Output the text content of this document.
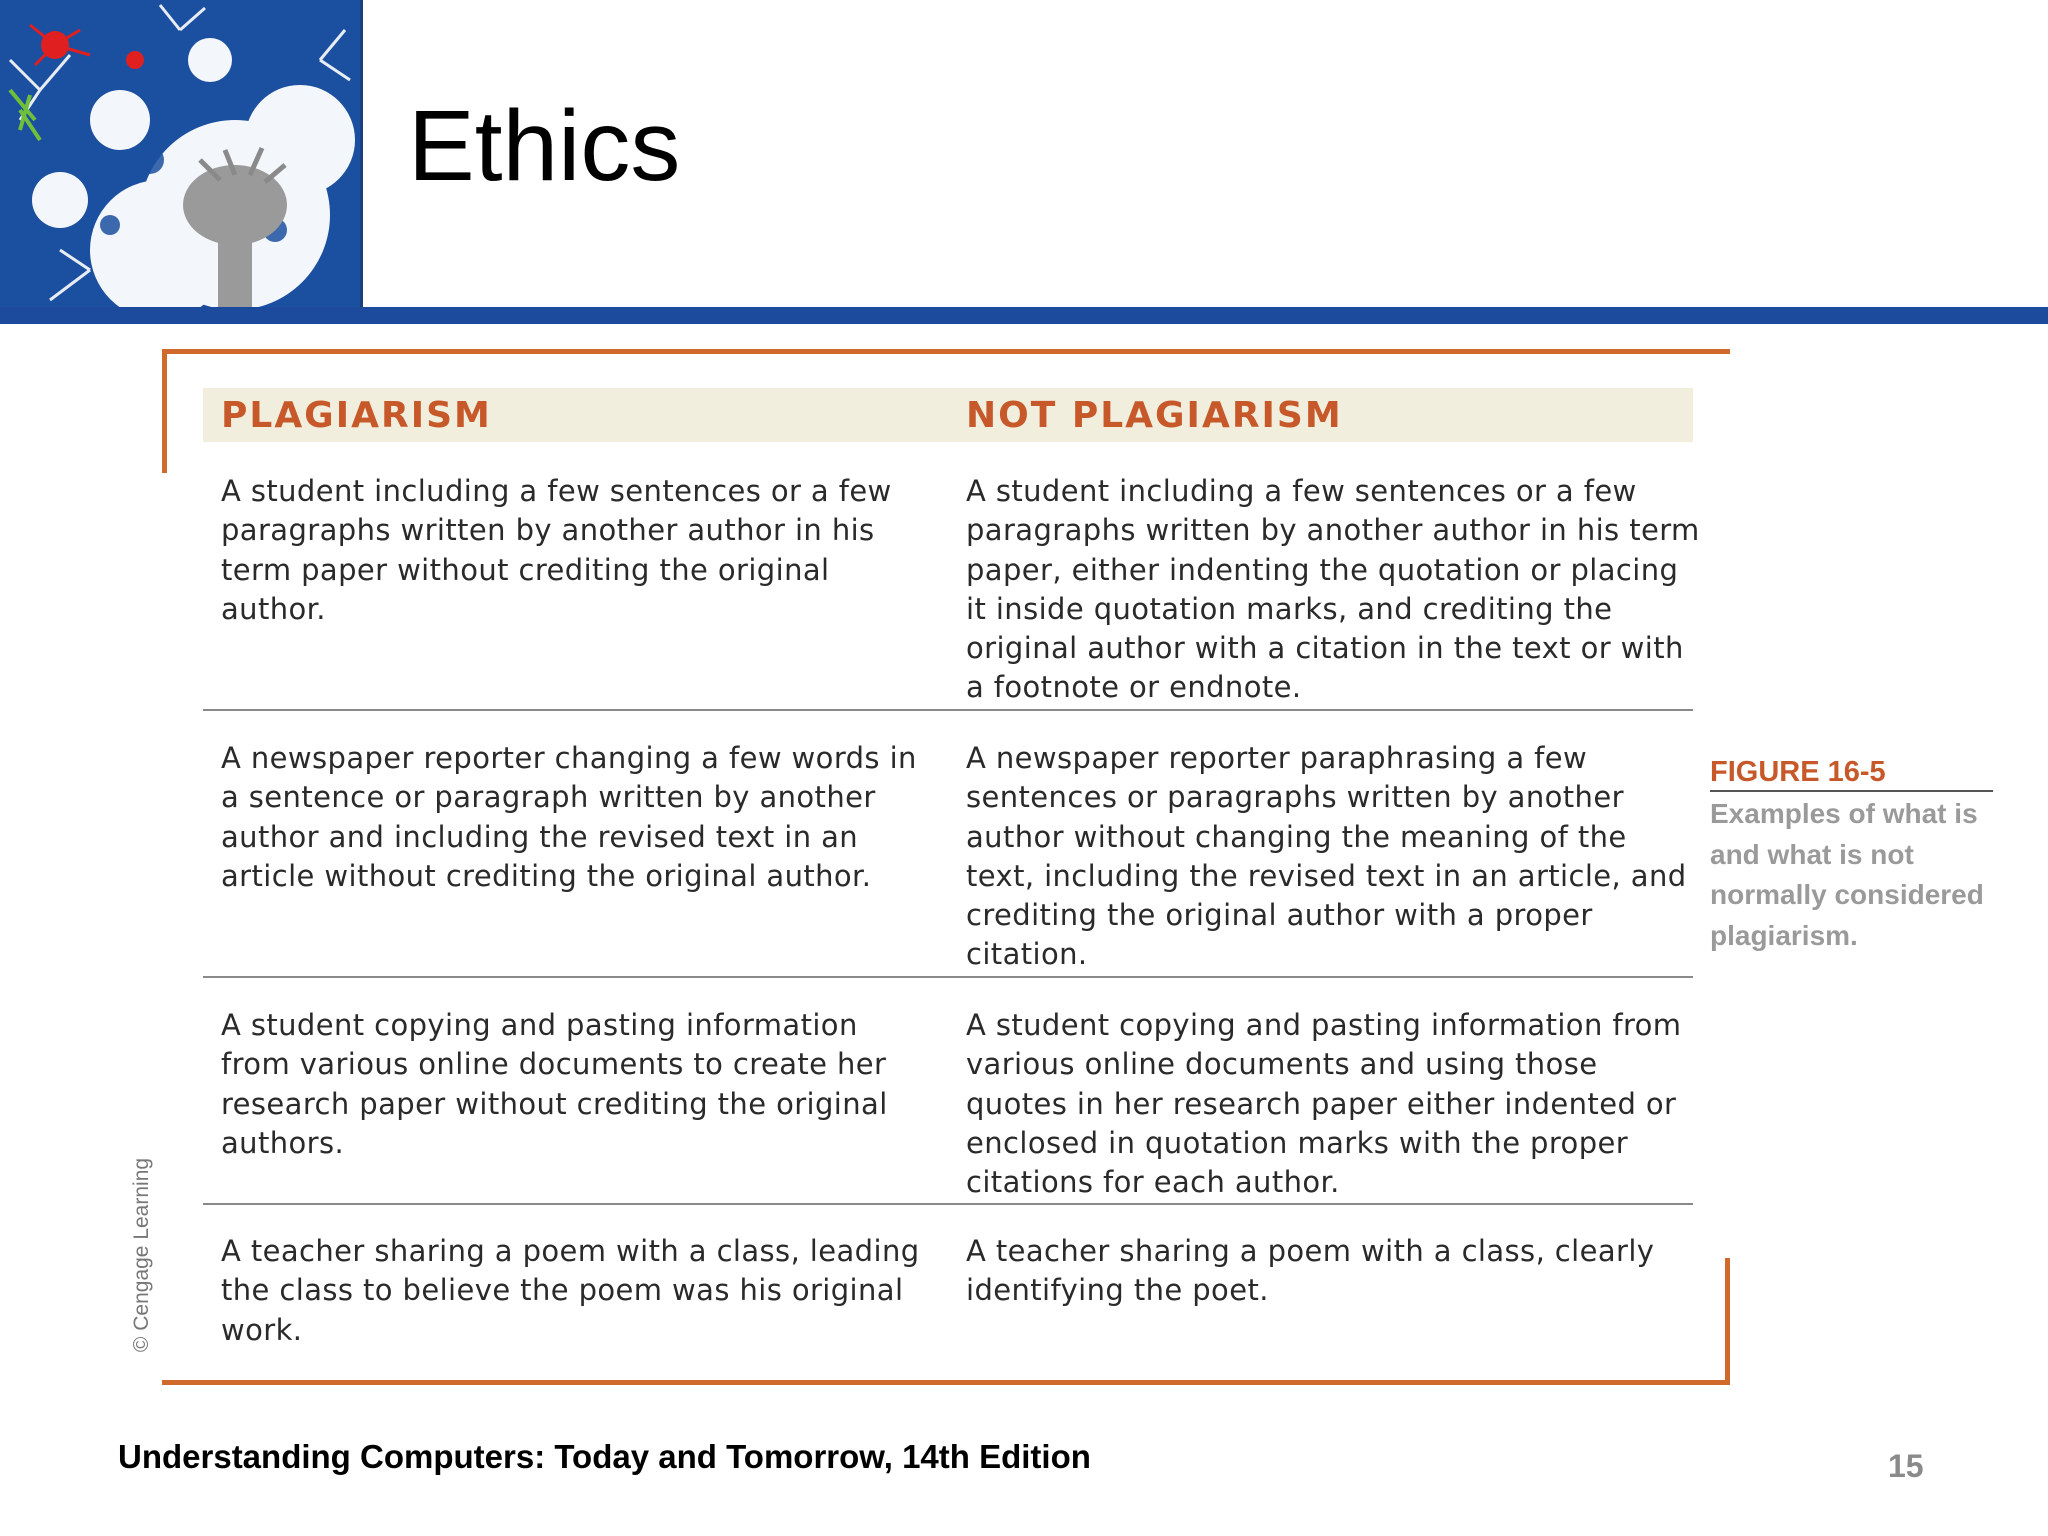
Ethics
PLAGIARISM	NOT PLAGIARISM
A student including a few sentences or a few paragraphs written by another author in his term paper without crediting the original author.
A student including a few sentences or a few paragraphs written by another author in his term paper, either indenting the quotation or placing it inside quotation marks, and crediting the original author with a citation in the text or with a footnote or endnote.
A newspaper reporter changing a few words in a sentence or paragraph written by another author and including the revised text in an article without crediting the original author.
A newspaper reporter paraphrasing a few sentences or paragraphs written by another author without changing the meaning of the text, including the revised text in an article, and crediting the original author with a proper citation.
A student copying and pasting information from various online documents to create her research paper without crediting the original authors.
A student copying and pasting information from various online documents and using those quotes in her research paper either indented or enclosed in quotation marks with the proper citations for each author.
A teacher sharing a poem with a class, leading the class to believe the poem was his original work.
A teacher sharing a poem with a class, clearly identifying the poet.
FIGURE 16-5
Examples of what is and what is not normally considered plagiarism.
© Cengage Learning
Understanding Computers: Today and Tomorrow, 14th Edition	15
